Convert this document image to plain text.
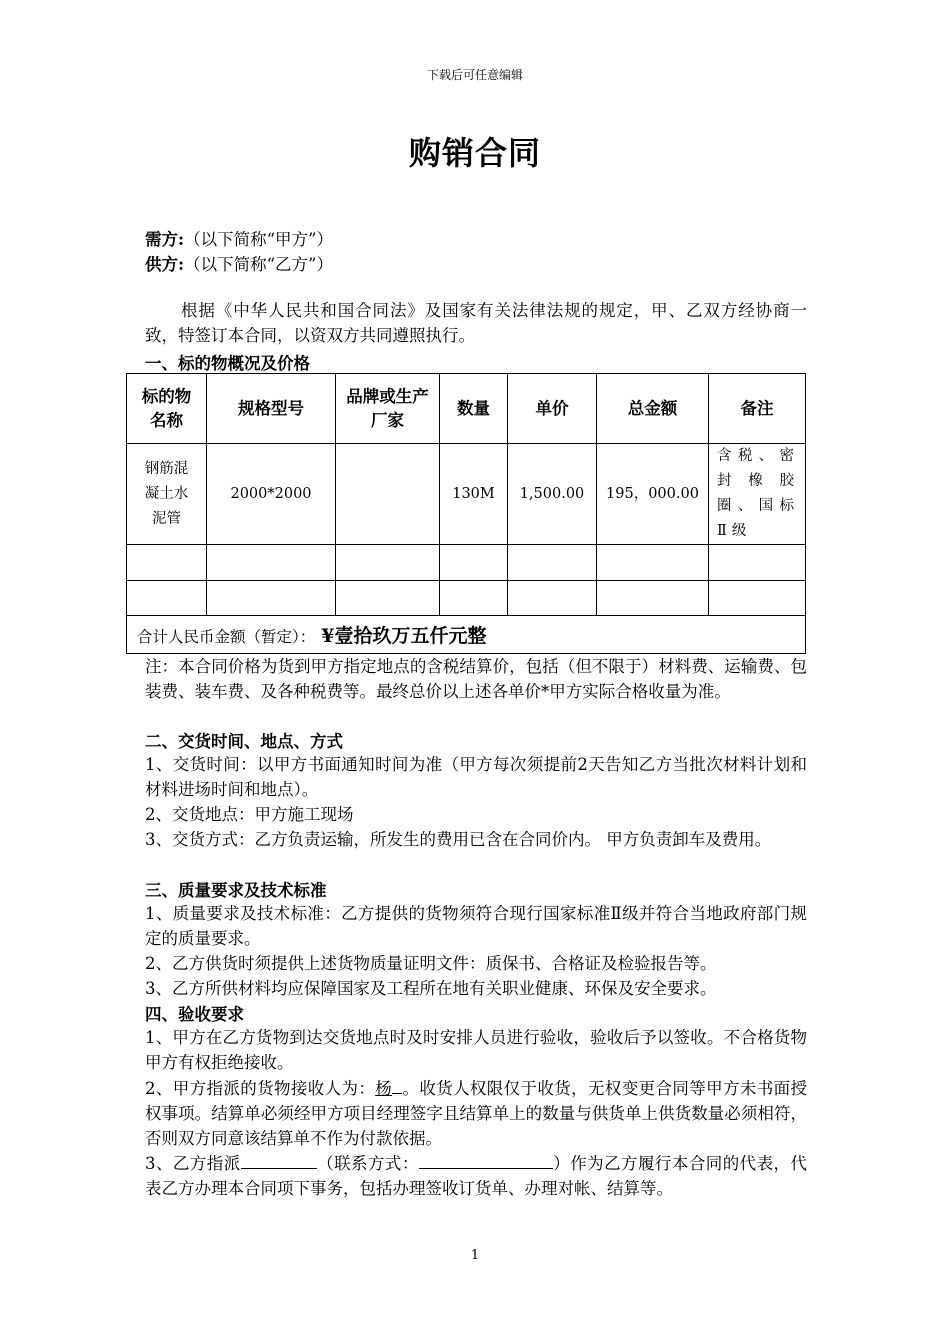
下载后可任意编辑
购销合同
需方:（以下简称“甲方”）
供方:（以下简称“乙方”）
根据《中华人民共和国合同法》及国家有关法律法规的规定，甲、乙双方经协商一致，特签订本合同，以资双方共同遵照执行。
一、标的物概况及价格
标的物名称	规格型号	品牌或生产厂家	数量	单价	总金额	备注
钢筋混凝土水泥管	2000*2000		130M	1,500.00	195，000.00	含税、密封橡胶圈、国标Ⅱ级

合计人民币金额（暂定）： ¥壹拾玖万五仟元整						
注：本合同价格为货到甲方指定地点的含税结算价，包括（但不限于）材料费、运输费、包装费、装车费、及各种税费等。最终总价以上述各单价*甲方实际合格收量为准。
二、交货时间、地点、方式
1、交货时间：以甲方书面通知时间为准（甲方每次须提前2天告知乙方当批次材料计划和材料进场时间和地点）。
2、交货地点：甲方施工现场
3、交货方式：乙方负责运输，所发生的费用已含在合同价内。 甲方负责卸车及费用。
三、质量要求及技术标准
1、质量要求及技术标准：乙方提供的货物须符合现行国家标准Ⅱ级并符合当地政府部门规定的质量要求。
2、乙方供货时须提供上述货物质量证明文件：质保书、合格证及检验报告等。
3、乙方所供材料均应保障国家及工程所在地有关职业健康、环保及安全要求。
四、验收要求
1、甲方在乙方货物到达交货地点时及时安排人员进行验收，验收后予以签收。不合格货物甲方有权拒绝接收。
2、甲方指派的货物接收人为：杨 。收货人权限仅于收货，无权变更合同等甲方未书面授权事项。结算单必须经甲方项目经理签字且结算单上的数量与供货单上供货数量必须相符，否则双方同意该结算单不作为付款依据。
3、乙方指派	（联系方式：	）作为乙方履行本合同的代表，代表乙方办理本合同项下事务，包括办理签收订货单、办理对帐、结算等。
1
